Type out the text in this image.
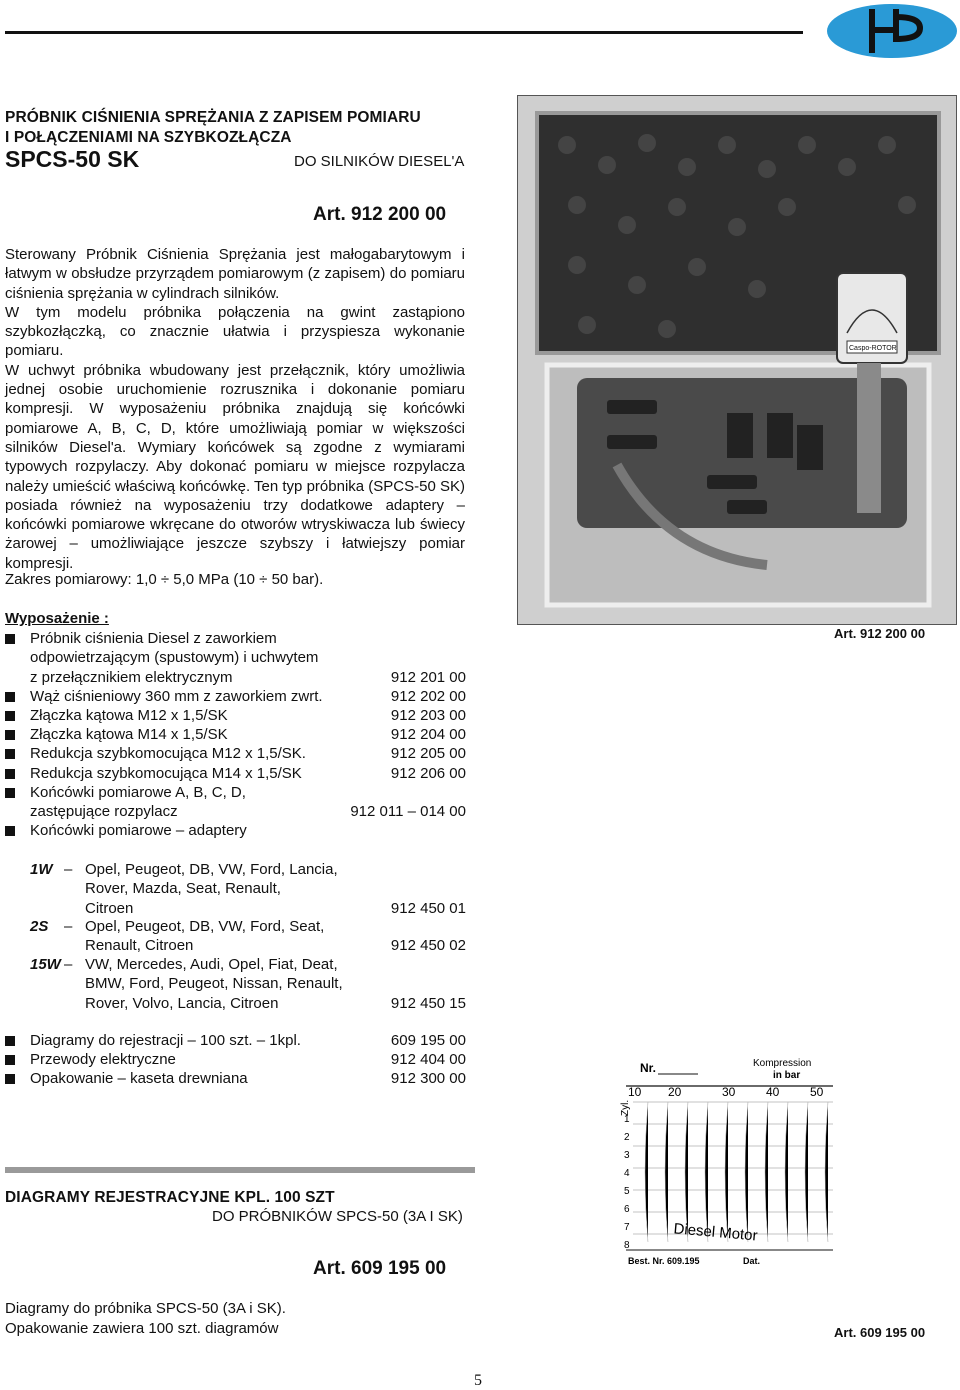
PRÓBNIK CIŚNIENIA SPRĘŻANIA Z ZAPISEM POMIARU
I POŁĄCZENIAMI NA SZYBKOZŁĄCZA
SPCS-50 SK	DO SILNIKÓW DIESEL'A
Art. 912 200 00

Sterowany Próbnik Ciśnienia Sprężania jest małogabarytowym i łatwym w obsłudze przyrządem pomiarowym (z zapisem) do pomiaru ciśnienia sprężania w cylindrach silników.

W tym modelu próbnika połączenia na gwint zastąpiono szybkozłączką, co znacznie ułatwia i przyspiesza wykonanie pomiaru.

W uchwyt próbnika wbudowany jest przełącznik, który umożliwia jednej osobie uruchomienie rozrusznika i dokonanie pomiaru kompresji. W wyposażeniu próbnika znajdują się końcówki pomiarowe A, B, C, D, które umożliwiają pomiar w większości silników Diesel'a. Wymiary końcówek są zgodne z wymiarami typowych rozpylaczy. Aby dokonać pomiaru w miejsce rozpylacza należy umieścić właściwą końcówkę. Ten typ próbnika (SPCS-50 SK) posiada również na wyposażeniu trzy dodatkowe adaptery – końcówki pomiarowe wkręcane do otworów wtryskiwacza lub świecy żarowej – umożliwiające jeszcze szybszy i łatwiejszy pomiar kompresji.

Zakres pomiarowy: 1,0 ÷ 5,0 MPa (10 ÷ 50 bar).
Caspo-ROTOR
Art. 912 200 00
Wyposażenie :
Próbnik ciśnienia Diesel z zaworkiem
odpowietrzającym (spustowym) i uchwytem
z przełącznikiem elektrycznym	912 201 00
Wąż ciśnieniowy 360 mm z zaworkiem zwrt.	912 202 00
Złączka kątowa M12 x 1,5/SK	912 203 00
Złączka kątowa M14 x 1,5/SK	912 204 00
Redukcja szybkomocująca M12 x 1,5/SK.	912 205 00
Redukcja szybkomocująca M14 x 1,5/SK	912 206 00
Końcówki pomiarowe A, B, C, D,
zastępujące rozpylacz	912 011 – 014 00
Końcówki pomiarowe – adaptery
1W – Opel, Peugeot, DB, VW, Ford, Lancia,
Rover, Mazda, Seat, Renault,
Citroen	912 450 01
2S – Opel, Peugeot, DB, VW, Ford, Seat,
Renault, Citroen	912 450 02
15W – VW, Mercedes, Audi, Opel, Fiat, Deat,
BMW, Ford, Peugeot, Nissan, Renault,
Rover, Volvo, Lancia, Citroen	912 450 15
Diagramy do rejestracji – 100 szt. – 1kpl.	609 195 00
Przewody elektryczne	912 404 00
Opakowanie – kaseta drewniana	912 300 00
DIAGRAMY REJESTRACYJNE KPL. 100 SZT
DO PRÓBNIKÓW SPCS-50 (3A I SK)
Art. 609 195 00
Diagramy do próbnika SPCS-50 (3A i SK).
Opakowanie zawiera 100 szt. diagramów
Nr.	Kompression
in bar
10 20	30	40	50
Zyl.
1
2
3
4
5
6
7
8
Diesel Motor
Best. Nr. 609.195	Dat.
Art. 609 195 00
5
